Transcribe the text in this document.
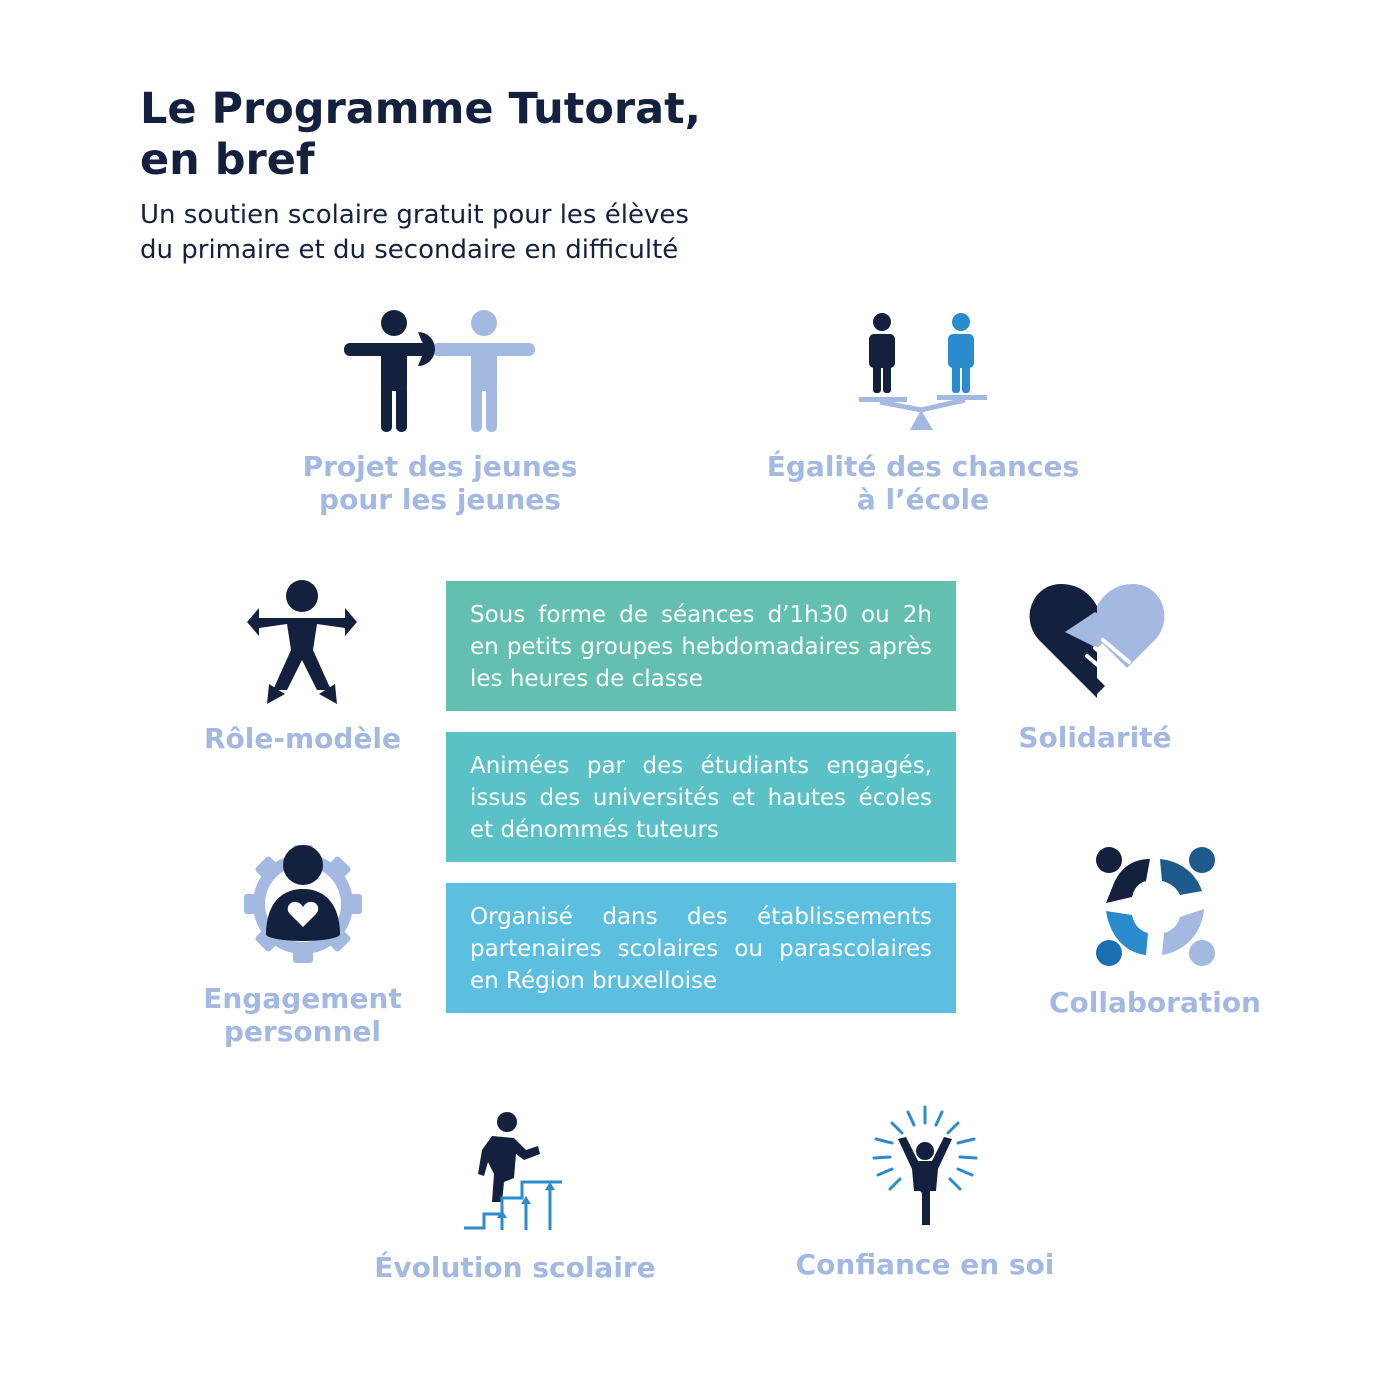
Le Programme Tutorat,
en bref
Un soutien scolaire gratuit pour les élèves
du primaire et du secondaire en difficulté
Projet des jeunes
pour les jeunes
Égalité des chances
à l’école
Rôle-modèle	Solidarité
Sous forme de séances d’1h30 ou 2h en petits groupes hebdomadaires après les heures de classe
Animées par des étudiants engagés, issus des universités et hautes écoles et dénommés tuteurs
Organisé dans des établissements partenaires scolaires ou parascolaires en Région bruxelloise
Engagement
personnel
Collaboration
Évolution scolaire	Confiance en soi
